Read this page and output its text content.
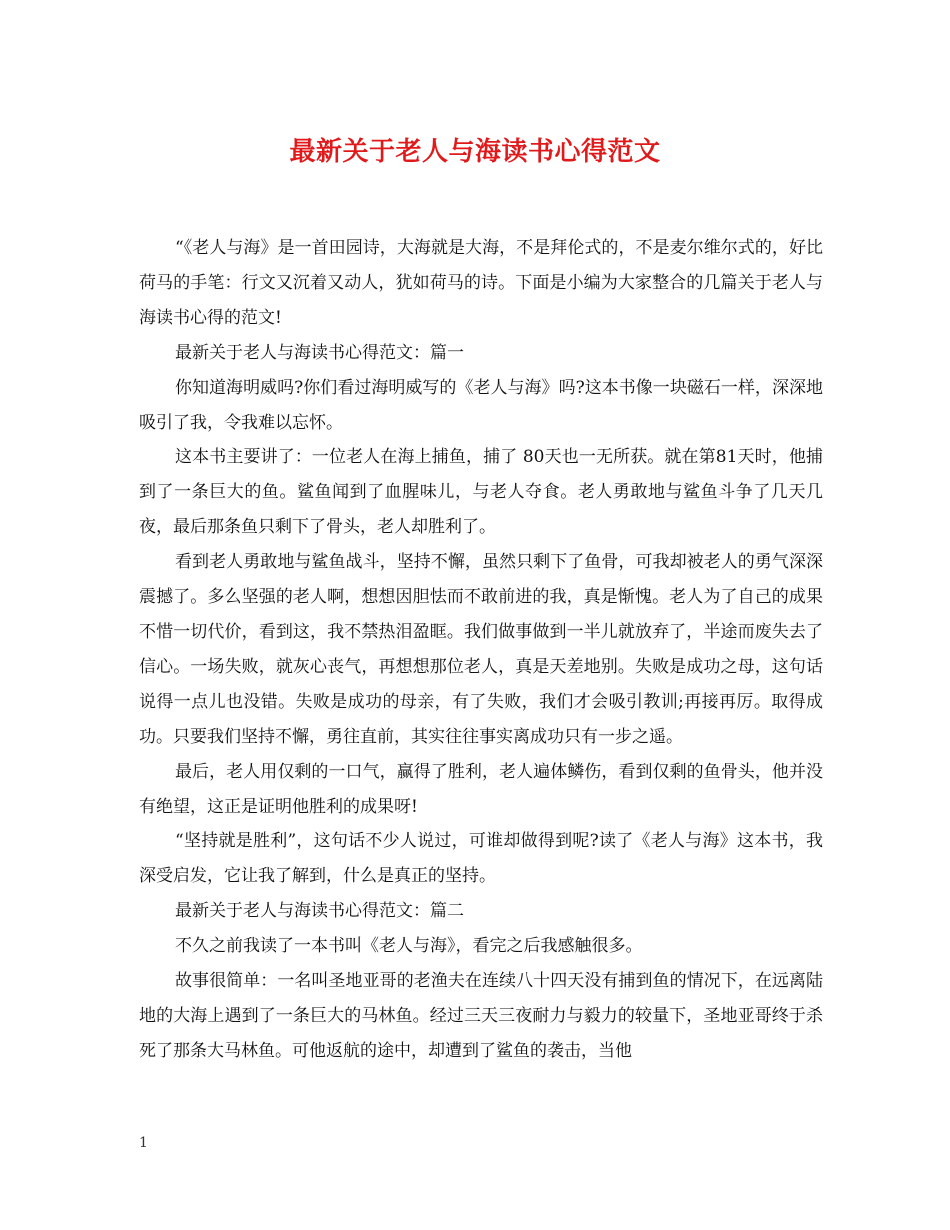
最新关于老人与海读书心得范文

“《老人与海》是一首田园诗，大海就是大海，不是拜伦式的，不是麦尔维尔式的，好比荷马的手笔：行文又沉着又动人，犹如荷马的诗。下面是小编为大家整合的几篇关于老人与海读书心得的范文!

最新关于老人与海读书心得范文：篇一

你知道海明威吗?你们看过海明威写的《老人与海》吗?这本书像一块磁石一样，深深地吸引了我，令我难以忘怀。

这本书主要讲了：一位老人在海上捕鱼，捕了 80天也一无所获。就在第81天时，他捕到了一条巨大的鱼。鲨鱼闻到了血腥味儿，与老人夺食。老人勇敢地与鲨鱼斗争了几天几夜，最后那条鱼只剩下了骨头，老人却胜利了。

看到老人勇敢地与鲨鱼战斗，坚持不懈，虽然只剩下了鱼骨，可我却被老人的勇气深深震撼了。多么坚强的老人啊，想想因胆怯而不敢前进的我，真是惭愧。老人为了自己的成果不惜一切代价，看到这，我不禁热泪盈眶。我们做事做到一半儿就放弃了，半途而废失去了信心。一场失败，就灰心丧气，再想想那位老人，真是天差地别。失败是成功之母，这句话说得一点儿也没错。失败是成功的母亲，有了失败，我们才会吸引教训;再接再厉。取得成功。只要我们坚持不懈，勇往直前，其实往往事实离成功只有一步之遥。

最后，老人用仅剩的一口气，赢得了胜利，老人遍体鳞伤，看到仅剩的鱼骨头，他并没有绝望，这正是证明他胜利的成果呀!

“坚持就是胜利”，这句话不少人说过，可谁却做得到呢?读了《老人与海》这本书，我深受启发，它让我了解到，什么是真正的坚持。

最新关于老人与海读书心得范文：篇二

不久之前我读了一本书叫《老人与海》，看完之后我感触很多。

故事很简单：一名叫圣地亚哥的老渔夫在连续八十四天没有捕到鱼的情况下，在远离陆地的大海上遇到了一条巨大的马林鱼。经过三天三夜耐力与毅力的较量下，圣地亚哥终于杀死了那条大马林鱼。可他返航的途中，却遭到了鲨鱼的袭击，当他

1
